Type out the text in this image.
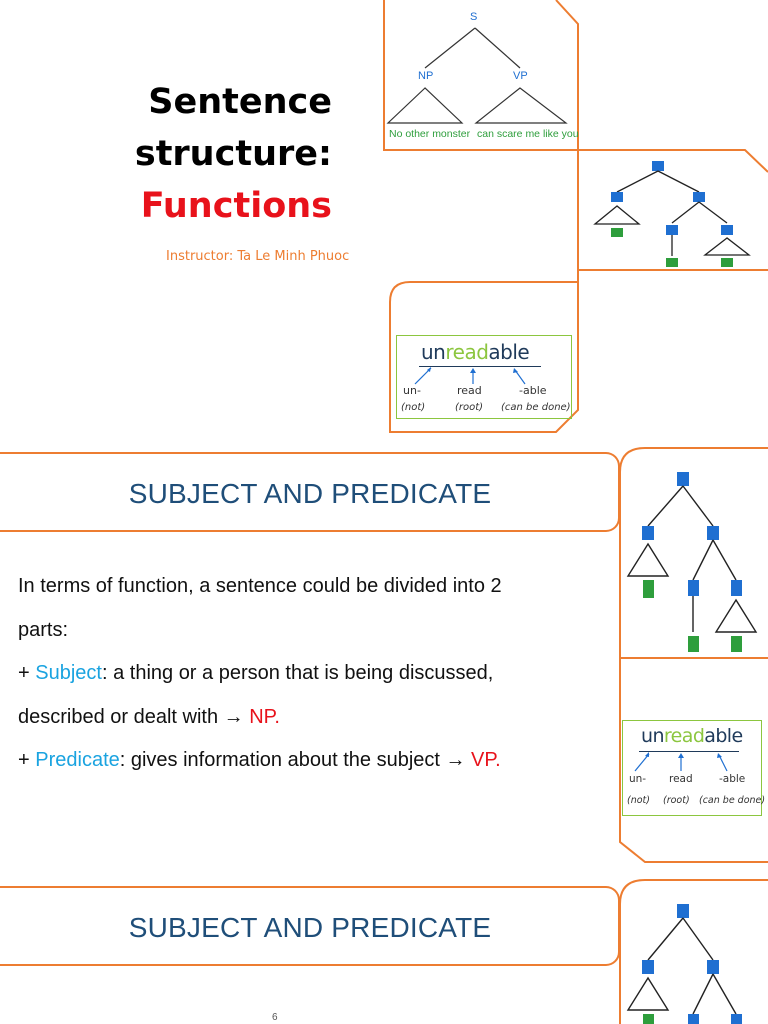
Sentence
structure:
Functions
Instructor: Ta Le Minh Phuoc
S
NP	VP
No other monster can scare me like you
unreadable
un-	read	-able
(not)	(root) (can be done)
SUBJECT AND PREDICATE
In terms of function, a sentence could be divided into 2
parts:
+ Subject: a thing or a person that is being discussed,
described or dealt with → NP.
+ Predicate: gives information about the subject → VP.
unreadable
un- read	-able
(not) (root) (can be done)
SUBJECT AND PREDICATE
6
